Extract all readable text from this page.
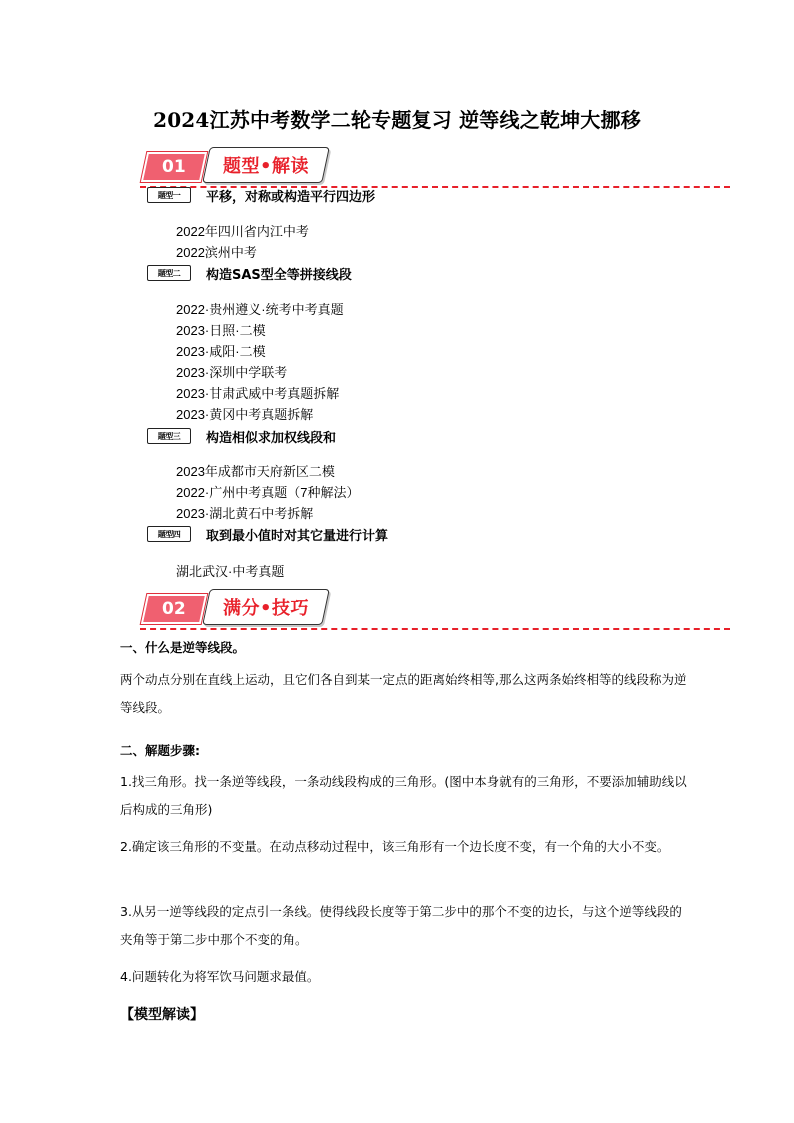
2024江苏中考数学二轮专题复习 逆等线之乾坤大挪移
01 题型•解读
题型一	平移，对称或构造平行四边形
2022年四川省内江中考
2022滨州中考
题型二	构造SAS型全等拼接线段
2022·贵州遵义·统考中考真题
2023·日照·二模
2023·咸阳·二模
2023·深圳中学联考
2023·甘肃武威中考真题拆解
2023·黄冈中考真题拆解
题型三	构造相似求加权线段和
2023年成都市天府新区二模
2022·广州中考真题（7种解法）
2023·湖北黄石中考拆解
题型四	取到最小值时对其它量进行计算
湖北武汉·中考真题
02 满分•技巧
一、什么是逆等线段。
两个动点分别在直线上运动，且它们各自到某一定点的距离始终相等,那么这两条始终相等的线段称为逆等线段。
二、解题步骤:
1.找三角形。找一条逆等线段，一条动线段构成的三角形。(图中本身就有的三角形，不要添加辅助线以后构成的三角形)
2.确定该三角形的不变量。在动点移动过程中，该三角形有一个边长度不变，有一个角的大小不变。
3.从另一逆等线段的定点引一条线。使得线段长度等于第二步中的那个不变的边长，与这个逆等线段的夹角等于第二步中那个不变的角。
4.问题转化为将军饮马问题求最值。
【模型解读】
